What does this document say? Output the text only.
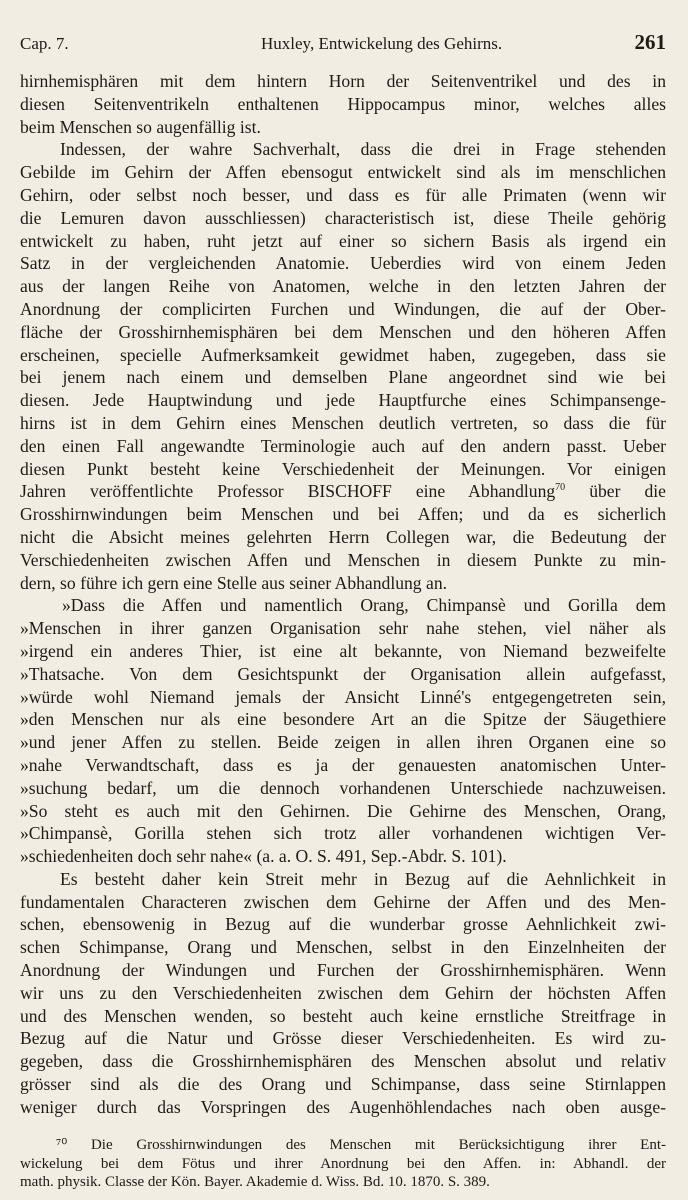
Cap. 7.	Huxley, Entwickelung des Gehirns.	261
hirnhemisphären mit dem hintern Horn der Seitenventrikel und des in
diesen Seitenventrikeln enthaltenen Hippocampus minor, welches alles
beim Menschen so augenfällig ist.
Indessen, der wahre Sachverhalt, dass die drei in Frage stehenden
Gebilde im Gehirn der Affen ebensogut entwickelt sind als im menschlichen
Gehirn, oder selbst noch besser, und dass es für alle Primaten (wenn wir
die Lemuren davon ausschliessen) characteristisch ist, diese Theile gehörig
entwickelt zu haben, ruht jetzt auf einer so sichern Basis als irgend ein
Satz in der vergleichenden Anatomie. Ueberdies wird von einem Jeden
aus der langen Reihe von Anatomen, welche in den letzten Jahren der
Anordnung der complicirten Furchen und Windungen, die auf der Ober-
fläche der Grosshirnhemisphären bei dem Menschen und den höheren Affen
erscheinen, specielle Aufmerksamkeit gewidmet haben, zugegeben, dass sie
bei jenem nach einem und demselben Plane angeordnet sind wie bei
diesen. Jede Hauptwindung und jede Hauptfurche eines Schimpansenge-
hirns ist in dem Gehirn eines Menschen deutlich vertreten, so dass die für
den einen Fall angewandte Terminologie auch auf den andern passt. Ueber
diesen Punkt besteht keine Verschiedenheit der Meinungen. Vor einigen
Jahren veröffentlichte Professor BISCHOFF eine Abhandlung$^{70}$ über die
Grosshirnwindungen beim Menschen und bei Affen; und da es sicherlich
nicht die Absicht meines gelehrten Herrn Collegen war, die Bedeutung der
Verschiedenheiten zwischen Affen und Menschen in diesem Punkte zu min-
dern, so führe ich gern eine Stelle aus seiner Abhandlung an.
»Dass die Affen und namentlich Orang, Chimpansè und Gorilla dem
»Menschen in ihrer ganzen Organisation sehr nahe stehen, viel näher als
»irgend ein anderes Thier, ist eine alt bekannte, von Niemand bezweifelte
»Thatsache. Von dem Gesichtspunkt der Organisation allein aufgefasst,
»würde wohl Niemand jemals der Ansicht Linné's entgegengetreten sein,
»den Menschen nur als eine besondere Art an die Spitze der Säugethiere
»und jener Affen zu stellen. Beide zeigen in allen ihren Organen eine so
»nahe Verwandtschaft, dass es ja der genauesten anatomischen Unter-
»suchung bedarf, um die dennoch vorhandenen Unterschiede nachzuweisen.
»So steht es auch mit den Gehirnen. Die Gehirne des Menschen, Orang,
»Chimpansè, Gorilla stehen sich trotz aller vorhandenen wichtigen Ver-
»schiedenheiten doch sehr nahe« (a. a. O. S. 491, Sep.-Abdr. S. 101).
Es besteht daher kein Streit mehr in Bezug auf die Aehnlichkeit in
fundamentalen Characteren zwischen dem Gehirne der Affen und des Men-
schen, ebensowenig in Bezug auf die wunderbar grosse Aehnlichkeit zwi-
schen Schimpanse, Orang und Menschen, selbst in den Einzelnheiten der
Anordnung der Windungen und Furchen der Grosshirnhemisphären. Wenn
wir uns zu den Verschiedenheiten zwischen dem Gehirn der höchsten Affen
und des Menschen wenden, so besteht auch keine ernstliche Streitfrage in
Bezug auf die Natur und Grösse dieser Verschiedenheiten. Es wird zu-
gegeben, dass die Grosshirnhemisphären des Menschen absolut und relativ
grösser sind als die des Orang und Schimpanse, dass seine Stirnlappen
weniger durch das Vorspringen des Augenhöhlendaches nach oben ausge-
⁷⁰ Die Grosshirnwindungen des Menschen mit Berücksichtigung ihrer Ent-
wickelung bei dem Fötus und ihrer Anordnung bei den Affen. in: Abhandl. der
math. physik. Classe der Kön. Bayer. Akademie d. Wiss. Bd. 10. 1870. S. 389.
